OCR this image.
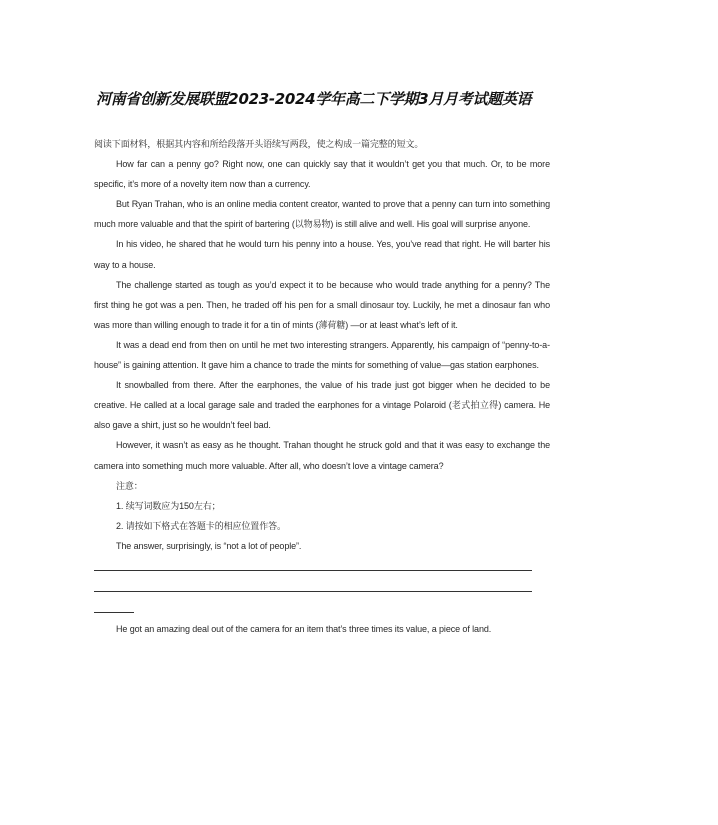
河南省创新发展联盟2023-2024学年高二下学期3月月考试题英语

阅读下面材料，根据其内容和所给段落开头语续写两段，使之构成一篇完整的短文。

How far can a penny go? Right now, one can quickly say that it wouldn’t get you that much. Or, to be more specific, it’s more of a novelty item now than a currency.

But Ryan Trahan, who is an online media content creator, wanted to prove that a penny can turn into something much more valuable and that the spirit of bartering (以物易物) is still alive and well. His goal will surprise anyone.

In his video, he shared that he would turn his penny into a house. Yes, you’ve read that right. He will barter his way to a house.

The challenge started as tough as you’d expect it to be because who would trade anything for a penny? The first thing he got was a pen. Then, he traded off his pen for a small dinosaur toy. Luckily, he met a dinosaur fan who was more than willing enough to trade it for a tin of mints (薄荷糖) —or at least what’s left of it.

It was a dead end from then on until he met two interesting strangers. Apparently, his campaign of “penny-to-a-house” is gaining attention. It gave him a chance to trade the mints for something of value—gas station earphones.

It snowballed from there. After the earphones, the value of his trade just got bigger when he decided to be creative. He called at a local garage sale and traded the earphones for a vintage Polaroid (老式拍立得) camera. He also gave a shirt, just so he wouldn’t feel bad.

However, it wasn’t as easy as he thought. Trahan thought he struck gold and that it was easy to exchange the camera into something much more valuable. After all, who doesn’t love a vintage camera?

注意：

1. 续写词数应为150左右；

2. 请按如下格式在答题卡的相应位置作答。

The answer, surprisingly, is “not a lot of people”.

He got an amazing deal out of the camera for an item that’s three times its value, a piece of land.
